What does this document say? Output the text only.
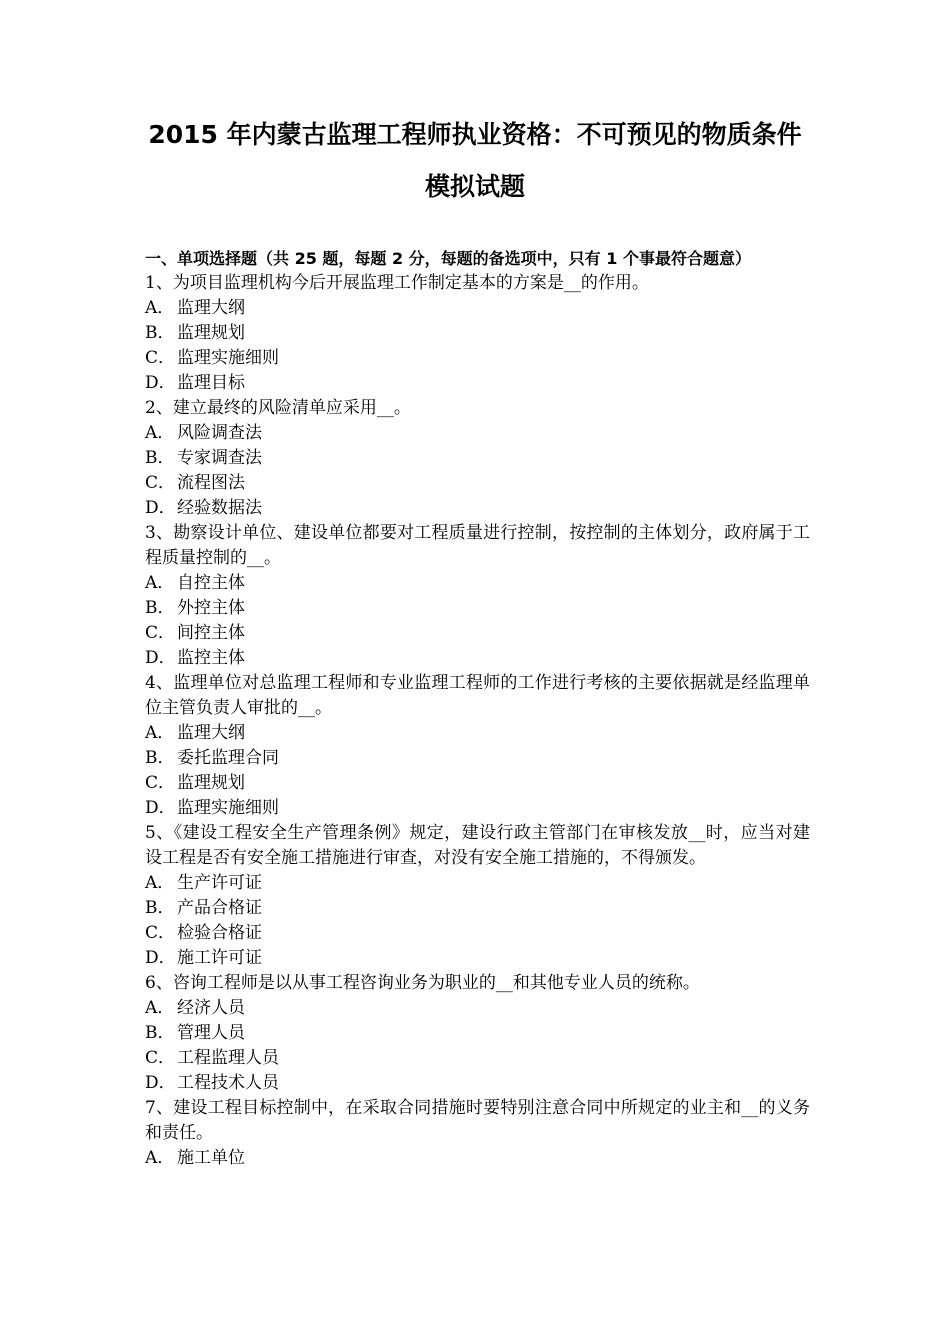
2015 年内蒙古监理工程师执业资格：不可预见的物质条件
模拟试题

一、单项选择题（共 25 题，每题 2 分，每题的备选项中，只有 1 个事最符合题意）

1、为项目监理机构今后开展监理工作制定基本的方案是__的作用。

A． 监理大纲

B． 监理规划

C． 监理实施细则

D．监理目标

2、建立最终的风险清单应采用__。

A． 风险调查法

B． 专家调查法

C． 流程图法

D．经验数据法

3、勘察设计单位、建设单位都要对工程质量进行控制，按控制的主体划分，政府属于工程质量控制的__。

A． 自控主体

B． 外控主体

C． 间控主体

D．监控主体

4、监理单位对总监理工程师和专业监理工程师的工作进行考核的主要依据就是经监理单位主管负责人审批的__。

A． 监理大纲

B． 委托监理合同

C． 监理规划

D．监理实施细则

5、《建设工程安全生产管理条例》规定，建设行政主管部门在审核发放__时，应当对建设工程是否有安全施工措施进行审查，对没有安全施工措施的，不得颁发。

A． 生产许可证

B． 产品合格证

C． 检验合格证

D．施工许可证

6、咨询工程师是以从事工程咨询业务为职业的__和其他专业人员的统称。

A． 经济人员

B． 管理人员

C． 工程监理人员

D．工程技术人员

7、建设工程目标控制中，在采取合同措施时要特别注意合同中所规定的业主和__的义务和责任。

A． 施工单位
